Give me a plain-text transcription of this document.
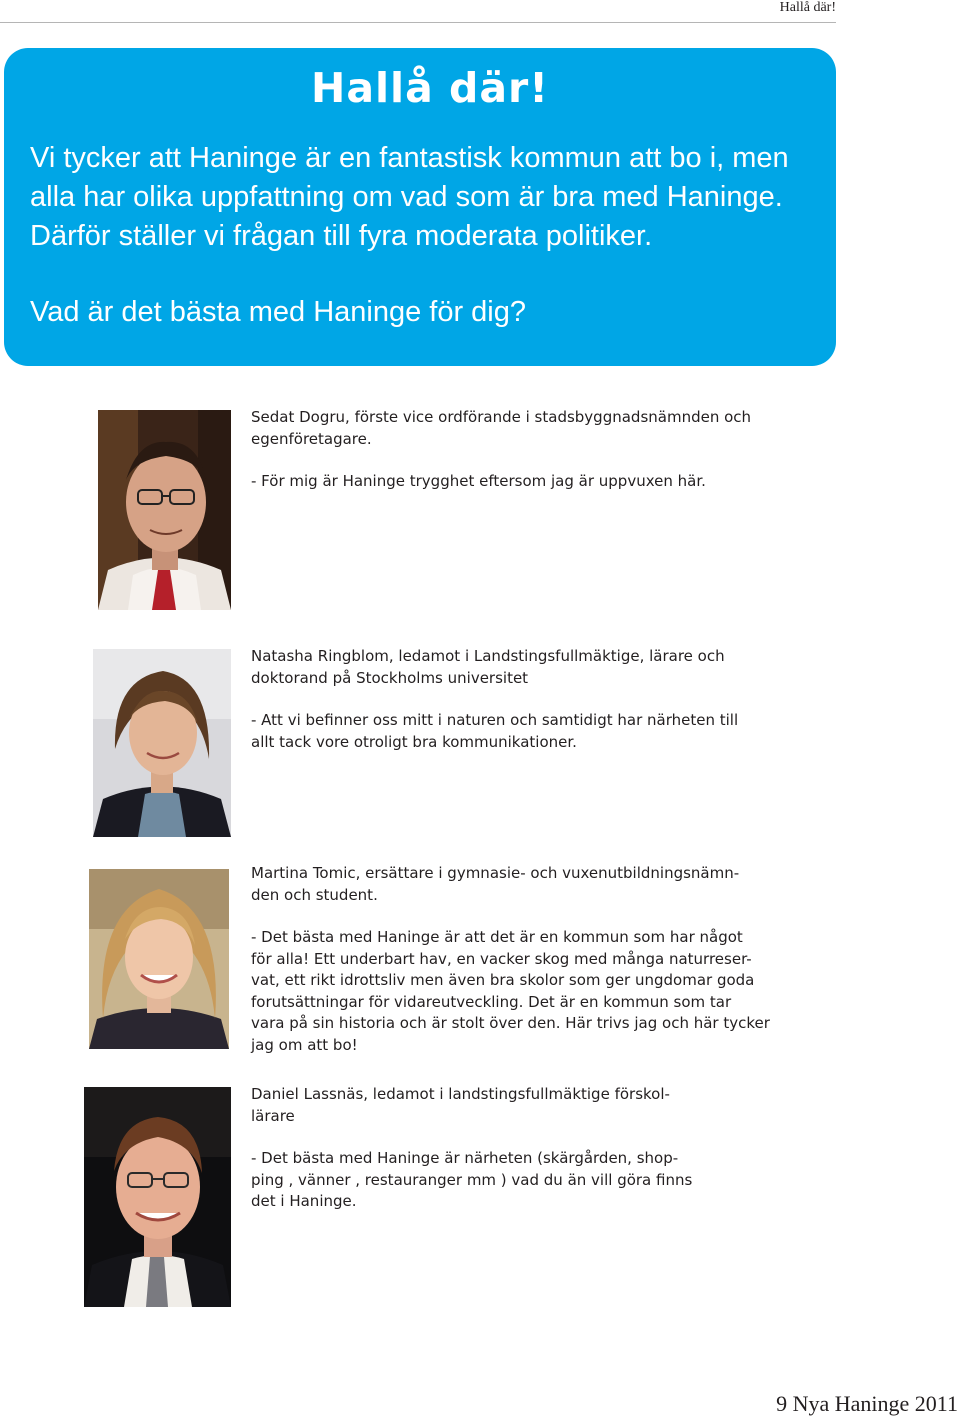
Hallå där!
Hallå där!
Vi tycker att Haninge är en fantastisk kommun att bo i, men
alla har olika uppfattning om vad som är bra med Haninge.
Därför ställer vi frågan till fyra moderata politiker.
Vad är det bästa med Haninge för dig?

Sedat Dogru, förste vice ordförande i stadsbyggnadsnämnden och
egenföretagare.

- För mig är Haninge trygghet eftersom jag är uppvuxen här.

Natasha Ringblom, ledamot i Landstingsfullmäktige, lärare och
doktorand på Stockholms universitet

- Att vi befinner oss mitt i naturen och samtidigt har närheten till
allt tack vore otroligt bra kommunikationer.

Martina Tomic, ersättare i gymnasie- och vuxenutbildningsnämn-
den och student.

- Det bästa med Haninge är att det är en kommun som har något
för alla! Ett underbart hav, en vacker skog med många naturreser-
vat, ett rikt idrottsliv men även bra skolor som ger ungdomar goda
forutsättningar för vidareutveckling. Det är en kommun som tar
vara på sin historia och är stolt över den. Här trivs jag och här tycker
jag om att bo!

Daniel Lassnäs, ledamot i landstingsfullmäktige förskol-
lärare

- Det bästa med Haninge är närheten (skärgården, shop-
ping , vänner , restauranger mm ) vad du än vill göra finns
det i Haninge.

9 Nya Haninge 2011
